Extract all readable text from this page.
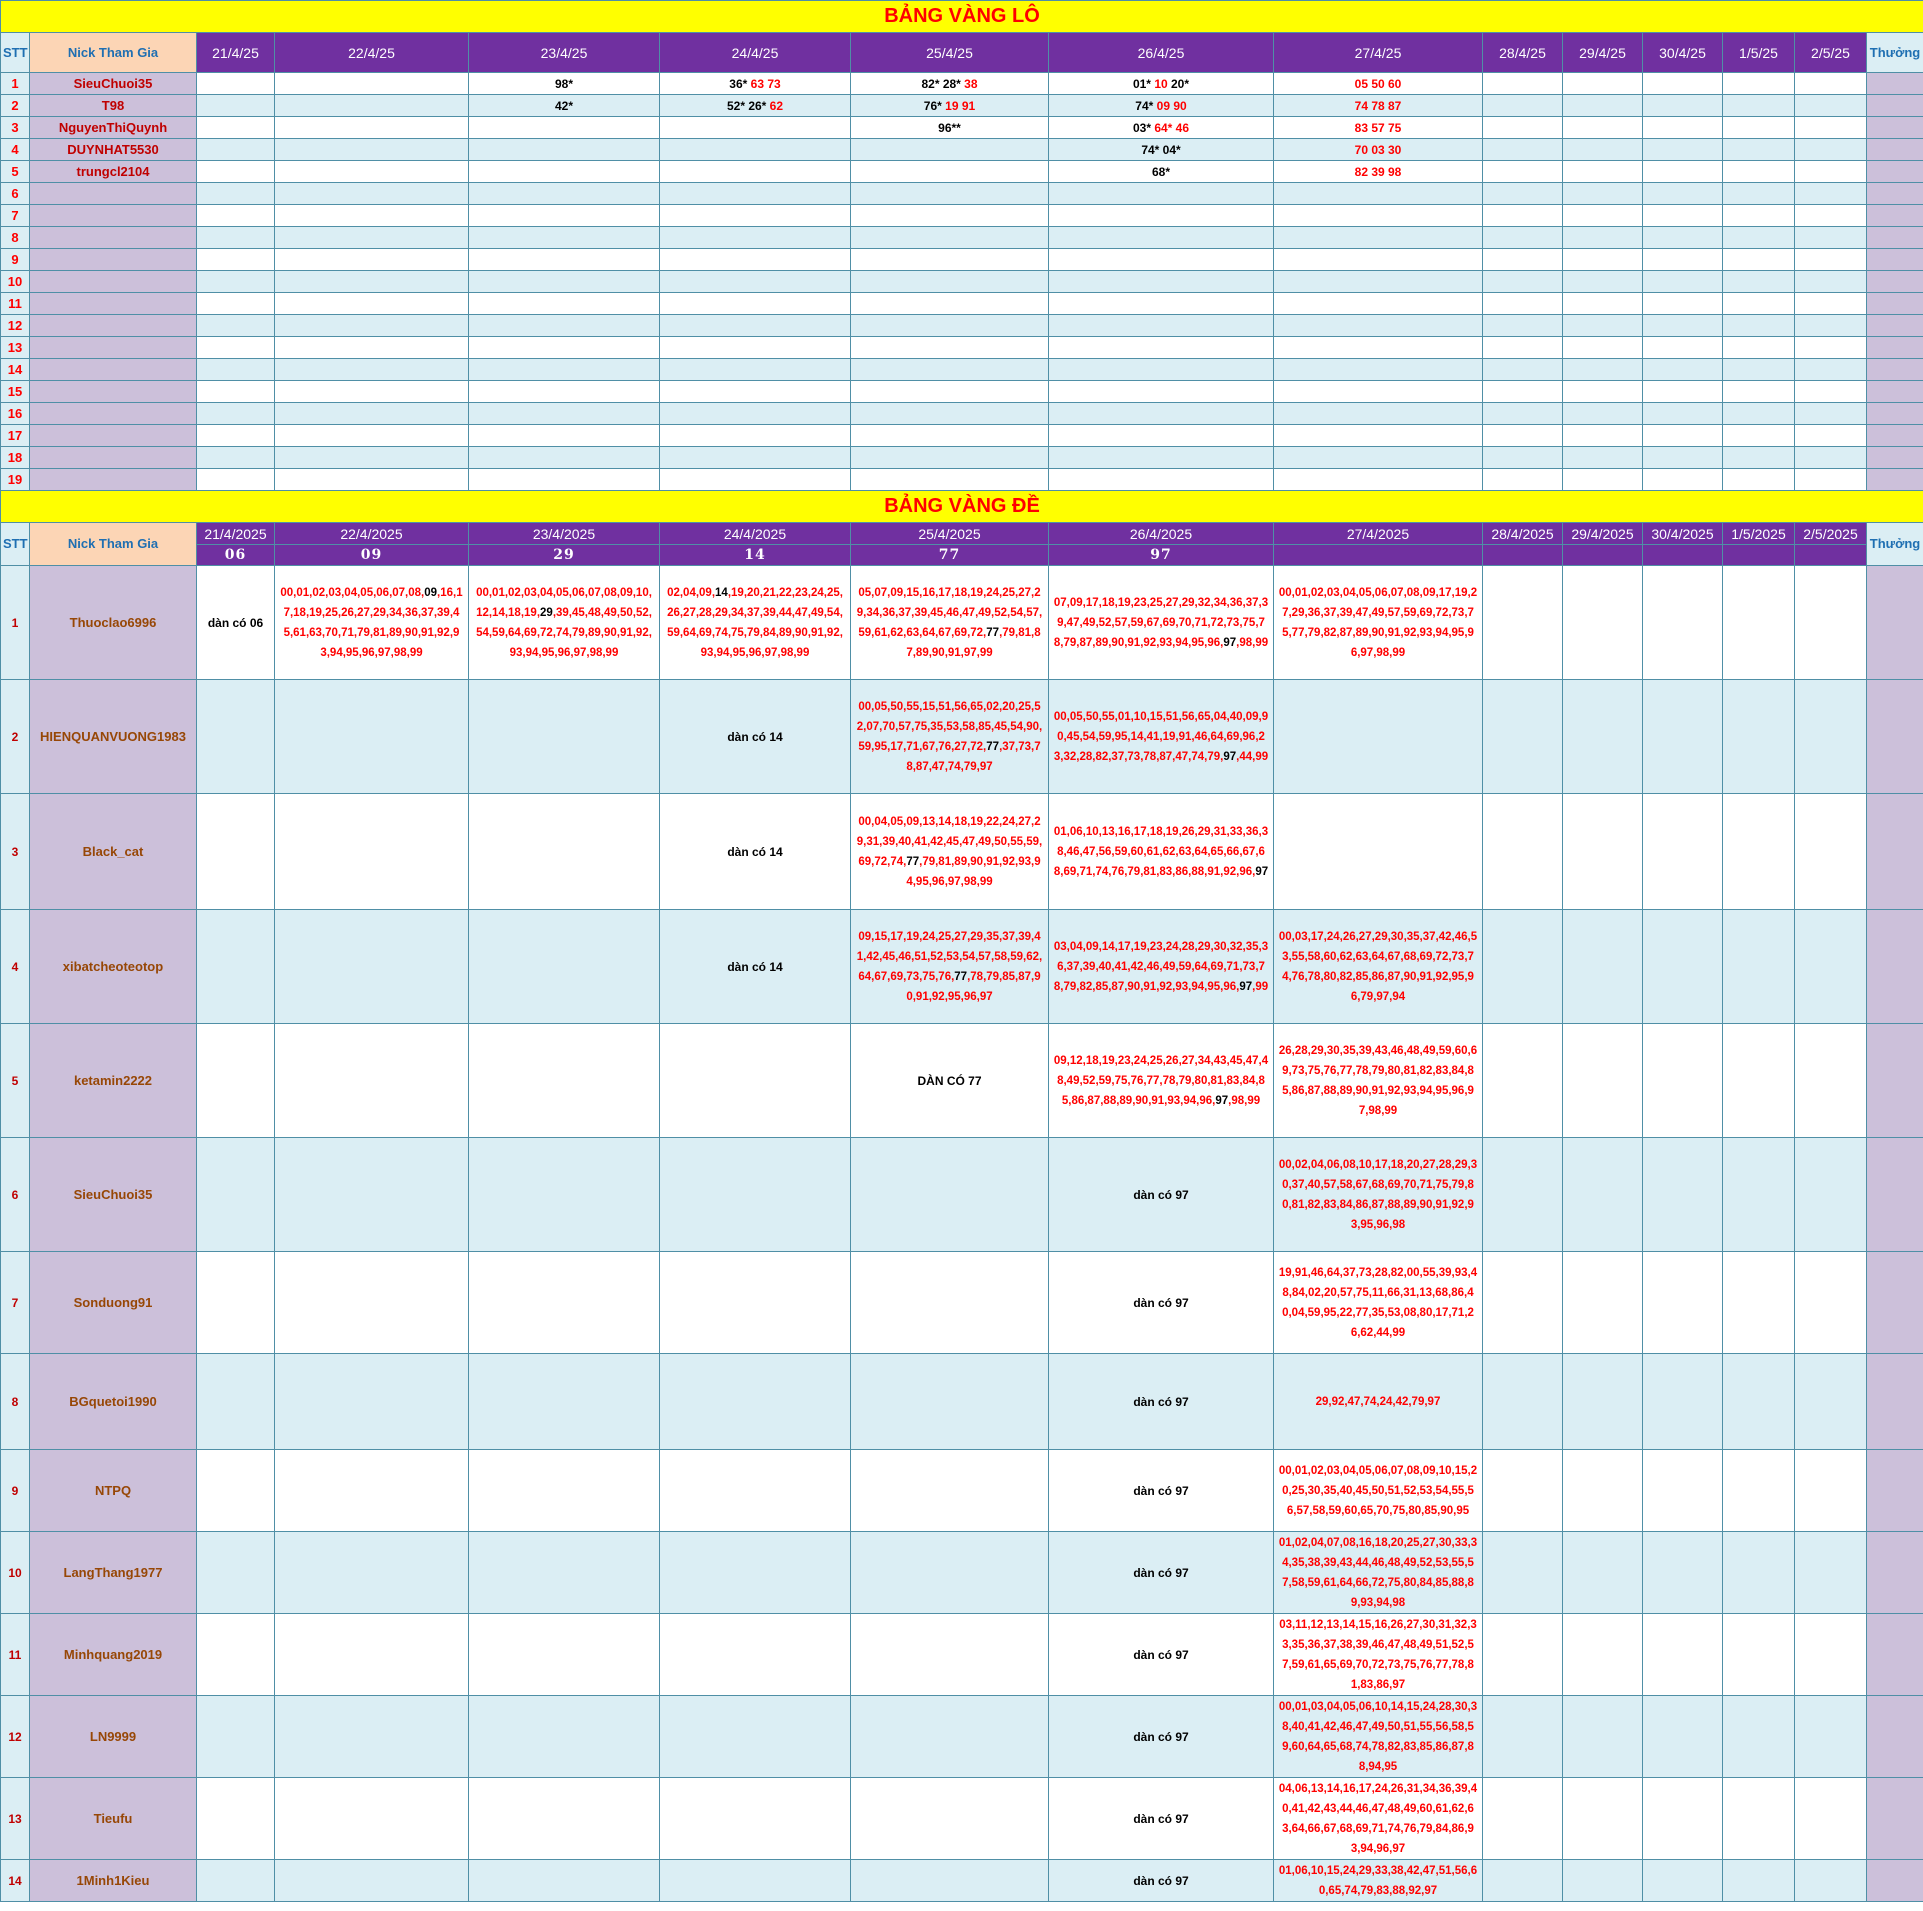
BẢNG VÀNG LÔ														
STT	Nick Tham Gia	21/4/25	22/4/25	23/4/25	24/4/25	25/4/25	26/4/25	27/4/25	28/4/25	29/4/25	30/4/25	1/5/25	2/5/25	Thưởng
1	SieuChuoi35			98*	36* 63 73	82* 28* 38	01* 10 20*	05 50 60						
2	T98			42*	52* 26* 62	76* 19 91	74* 09 90	74 78 87						
3	NguyenThiQuynh					96**	03* 64* 46	83 57 75						
4	DUYNHAT5530						74* 04*	70 03 30						
5	trungcl2104						68*	82 39 98						
6														
7														
8														
9														
10														
11														
12														
13														
14														
15														
16														
17														
18														
19														
BẢNG VÀNG ĐỀ														
STT	Nick Tham Gia	21/4/2025	22/4/2025	23/4/2025	24/4/2025	25/4/2025	26/4/2025	27/4/2025	28/4/2025	29/4/2025	30/4/2025	1/5/2025	2/5/2025	Thưởng
		06	09	29	14	77	97							
1	Thuoclao6996	dàn có 06	00,01,02,03,04,05,06,07,08,09,16,17,18,19,25,26,27,29,34,36,37,39,45,61,63,70,71,79,81,89,90,91,92,93,94,95,96,97,98,99	00,01,02,03,04,05,06,07,08,09,10,12,14,18,19,29,39,45,48,49,50,52,54,59,64,69,72,74,79,89,90,91,92,93,94,95,96,97,98,99	02,04,09,14,19,20,21,22,23,24,25,26,27,28,29,34,37,39,44,47,49,54,59,64,69,74,75,79,84,89,90,91,92,93,94,95,96,97,98,99	05,07,09,15,16,17,18,19,24,25,27,29,34,36,37,39,45,46,47,49,52,54,57,59,61,62,63,64,67,69,72,77,79,81,87,89,90,91,97,99	07,09,17,18,19,23,25,27,29,32,34,36,37,39,47,49,52,57,59,67,69,70,71,72,73,75,78,79,87,89,90,91,92,93,94,95,96,97,98,99	00,01,02,03,04,05,06,07,08,09,17,19,27,29,36,37,39,47,49,57,59,69,72,73,75,77,79,82,87,89,90,91,92,93,94,95,96,97,98,99						
2	HIENQUANVUONG1983				dàn có 14	00,05,50,55,15,51,56,65,02,20,25,52,07,70,57,75,35,53,58,85,45,54,90,59,95,17,71,67,76,27,72,77,37,73,78,87,47,74,79,97	00,05,50,55,01,10,15,51,56,65,04,40,09,90,45,54,59,95,14,41,19,91,46,64,69,96,23,32,28,82,37,73,78,87,47,74,79,97,44,99							
3	Black_cat				dàn có 14	00,04,05,09,13,14,18,19,22,24,27,29,31,39,40,41,42,45,47,49,50,55,59,69,72,74,77,79,81,89,90,91,92,93,94,95,96,97,98,99	01,06,10,13,16,17,18,19,26,29,31,33,36,38,46,47,56,59,60,61,62,63,64,65,66,67,68,69,71,74,76,79,81,83,86,88,91,92,96,97							
4	xibatcheoteotop				dàn có 14	09,15,17,19,24,25,27,29,35,37,39,41,42,45,46,51,52,53,54,57,58,59,62,64,67,69,73,75,76,77,78,79,85,87,90,91,92,95,96,97	03,04,09,14,17,19,23,24,28,29,30,32,35,36,37,39,40,41,42,46,49,59,64,69,71,73,78,79,82,85,87,90,91,92,93,94,95,96,97,99	00,03,17,24,26,27,29,30,35,37,42,46,53,55,58,60,62,63,64,67,68,69,72,73,74,76,78,80,82,85,86,87,90,91,92,95,96,79,97,94						
5	ketamin2222					DÀN CÓ 77	09,12,18,19,23,24,25,26,27,34,43,45,47,48,49,52,59,75,76,77,78,79,80,81,83,84,85,86,87,88,89,90,91,93,94,96,97,98,99	26,28,29,30,35,39,43,46,48,49,59,60,69,73,75,76,77,78,79,80,81,82,83,84,85,86,87,88,89,90,91,92,93,94,95,96,97,98,99						
6	SieuChuoi35						dàn có 97	00,02,04,06,08,10,17,18,20,27,28,29,30,37,40,57,58,67,68,69,70,71,75,79,80,81,82,83,84,86,87,88,89,90,91,92,93,95,96,98						
7	Sonduong91						dàn có 97	19,91,46,64,37,73,28,82,00,55,39,93,48,84,02,20,57,75,11,66,31,13,68,86,40,04,59,95,22,77,35,53,08,80,17,71,26,62,44,99						
8	BGquetoi1990						dàn có 97	29,92,47,74,24,42,79,97						
9	NTPQ						dàn có 97	00,01,02,03,04,05,06,07,08,09,10,15,20,25,30,35,40,45,50,51,52,53,54,55,56,57,58,59,60,65,70,75,80,85,90,95						
10	LangThang1977						dàn có 97	01,02,04,07,08,16,18,20,25,27,30,33,34,35,38,39,43,44,46,48,49,52,53,55,57,58,59,61,64,66,72,75,80,84,85,88,89,93,94,98						
11	Minhquang2019						dàn có 97	03,11,12,13,14,15,16,26,27,30,31,32,33,35,36,37,38,39,46,47,48,49,51,52,57,59,61,65,69,70,72,73,75,76,77,78,81,83,86,97						
12	LN9999						dàn có 97	00,01,03,04,05,06,10,14,15,24,28,30,38,40,41,42,46,47,49,50,51,55,56,58,59,60,64,65,68,74,78,82,83,85,86,87,88,94,95						
13	Tieufu						dàn có 97	04,06,13,14,16,17,24,26,31,34,36,39,40,41,42,43,44,46,47,48,49,60,61,62,63,64,66,67,68,69,71,74,76,79,84,86,93,94,96,97						
14	1Minh1Kieu						dàn có 97	01,06,10,15,24,29,33,38,42,47,51,56,60,65,74,79,83,88,92,97						
